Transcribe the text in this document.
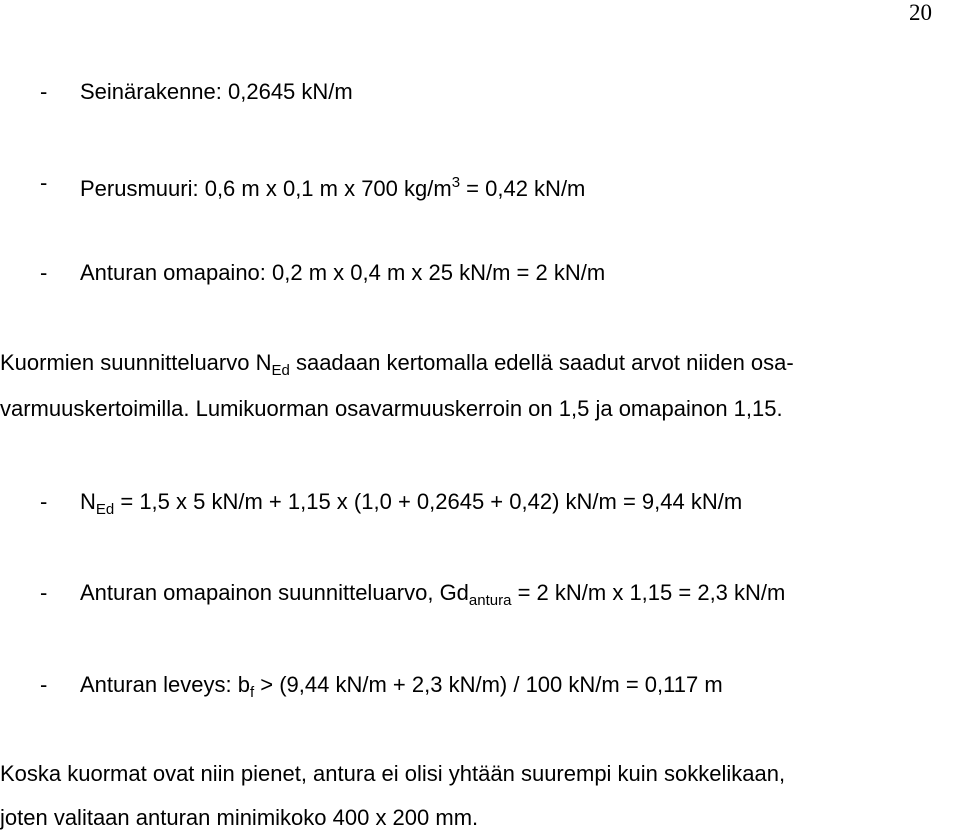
20
- Seinärakenne: 0,2645 kN/m
- Perusmuuri: 0,6 m x 0,1 m x 700 $kg/m^3 = 0,42$ kN/m
- Anturan omapaino: 0,2 m x 0,4 m x 25 kN/m = 2 kN/m
Kuormien suunnitteluarvo $N_{Ed}$ saadaan kertomalla edellä saadut arvot niiden osa-
varmuuskertoimilla. Lumikuorman osavarmuuskerroin on 1,5 ja omapainon 1,15.
- $N_{Ed} = 1,5$ x 5 kN/m + 1,15 x (1,0 + 0,2645 + 0,42) kN/m = 9,44 kN/m
- Anturan omapainon suunnitteluarvo, $Gd_{antura} = 2$ kN/m x 1,15 = 2,3 kN/m
- Anturan leveys: $b_f > (9,44$ kN/m + 2,3 kN/m) / 100 kN/m = 0,117 m
Koska kuormat ovat niin pienet, antura ei olisi yhtään suurempi kuin sokkelikaan,
joten valitaan anturan minimikoko 400 x 200 mm.
